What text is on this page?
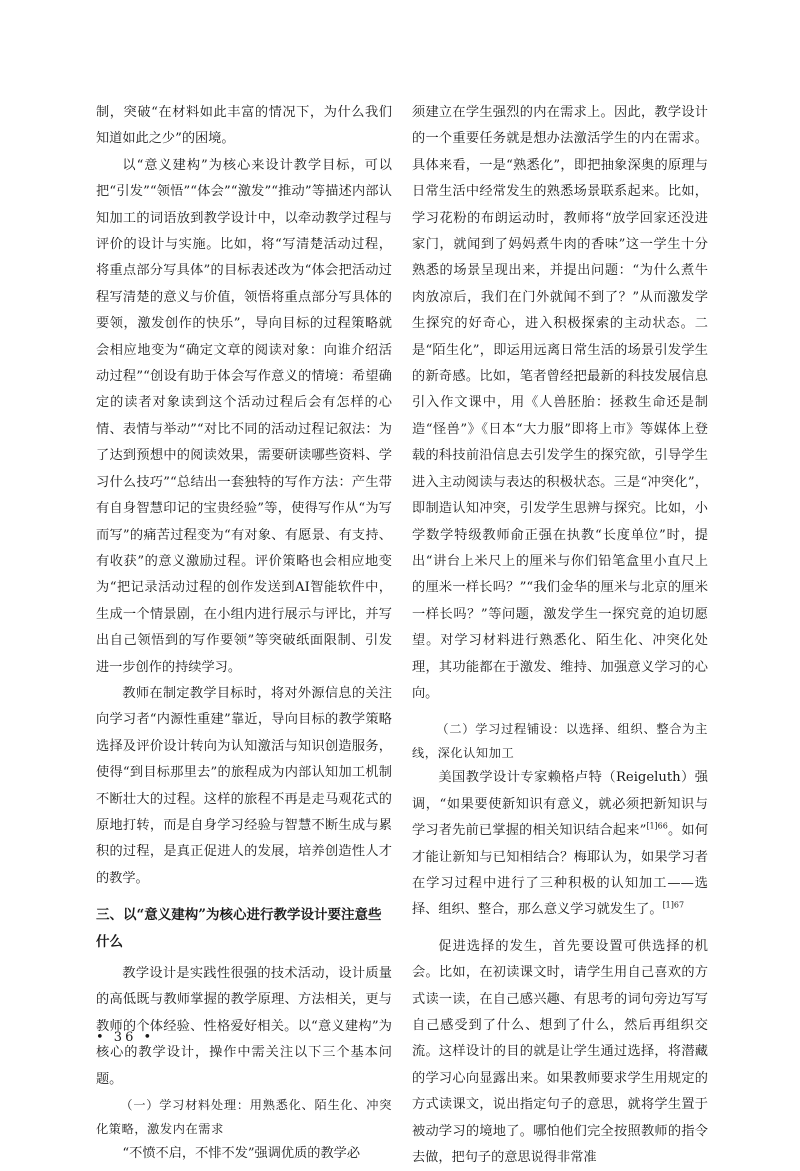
制，突破“在材料如此丰富的情况下，为什么我们知道如此之少”的困境。

以“意义建构”为核心来设计教学目标，可以把“引发”“领悟”“体会”“激发”“推动”等描述内部认知加工的词语放到教学设计中，以牵动教学过程与评价的设计与实施。比如，将“写清楚活动过程，将重点部分写具体”的目标表述改为“体会把活动过程写清楚的意义与价值，领悟将重点部分写具体的要领，激发创作的快乐”，导向目标的过程策略就会相应地变为“确定文章的阅读对象：向谁介绍活动过程”“创设有助于体会写作意义的情境：希望确定的读者对象读到这个活动过程后会有怎样的心情、表情与举动”“对比不同的活动过程记叙法：为了达到预想中的阅读效果，需要研读哪些资料、学习什么技巧”“总结出一套独特的写作方法：产生带有自身智慧印记的宝贵经验”等，使得写作从“为写而写”的痛苦过程变为“有对象、有愿景、有支持、有收获”的意义激励过程。评价策略也会相应地变为“把记录活动过程的创作发送到AI智能软件中，生成一个情景剧，在小组内进行展示与评比，并写出自己领悟到的写作要领”等突破纸面限制、引发进一步创作的持续学习。

教师在制定教学目标时，将对外源信息的关注向学习者“内源性重建”靠近，导向目标的教学策略选择及评价设计转向为认知激活与知识创造服务，使得“到目标那里去”的旅程成为内部认知加工机制不断壮大的过程。这样的旅程不再是走马观花式的原地打转，而是自身学习经验与智慧不断生成与累积的过程，是真正促进人的发展，培养创造性人才的教学。

三、以“意义建构”为核心进行教学设计要注意些什么

教学设计是实践性很强的技术活动，设计质量的高低既与教师掌握的教学原理、方法相关，更与教师的个体经验、性格爱好相关。以“意义建构”为核心的教学设计，操作中需关注以下三个基本问题。

（一）学习材料处理：用熟悉化、陌生化、冲突化策略，激发内在需求

“不愤不启，不悱不发”强调优质的教学必

须建立在学生强烈的内在需求上。因此，教学设计的一个重要任务就是想办法激活学生的内在需求。具体来看，一是“熟悉化”，即把抽象深奥的原理与日常生活中经常发生的熟悉场景联系起来。比如，学习花粉的布朗运动时，教师将“放学回家还没进家门，就闻到了妈妈煮牛肉的香味”这一学生十分熟悉的场景呈现出来，并提出问题：“为什么煮牛肉放凉后，我们在门外就闻不到了？”从而激发学生探究的好奇心，进入积极探索的主动状态。二是“陌生化”，即运用远离日常生活的场景引发学生的新奇感。比如，笔者曾经把最新的科技发展信息引入作文课中，用《人兽胚胎：拯救生命还是制造“怪兽”》《日本“大力服”即将上市》等媒体上登载的科技前沿信息去引发学生的探究欲，引导学生进入主动阅读与表达的积极状态。三是“冲突化”，即制造认知冲突，引发学生思辨与探究。比如，小学数学特级教师俞正强在执教“长度单位”时，提出“讲台上米尺上的厘米与你们铅笔盒里小直尺上的厘米一样长吗？”“我们金华的厘米与北京的厘米一样长吗？”等问题，激发学生一探究竟的迫切愿望。对学习材料进行熟悉化、陌生化、冲突化处理，其功能都在于激发、维持、加强意义学习的心向。

（二）学习过程铺设：以选择、组织、整合为主线，深化认知加工

美国教学设计专家赖格卢特（Reigeluth）强调，“如果要使新知识有意义，就必须把新知识与学习者先前已掌握的相关知识结合起来”$^{[1]66}$。如何才能让新知与已知相结合？梅耶认为，如果学习者在学习过程中进行了三种积极的认知加工——选择、组织、整合，那么意义学习就发生了。$^{[1]67}$

促进选择的发生，首先要设置可供选择的机会。比如，在初读课文时，请学生用自己喜欢的方式读一读，在自己感兴趣、有思考的词句旁边写写自己感受到了什么、想到了什么，然后再组织交流。这样设计的目的就是让学生通过选择，将潜藏的学习心向显露出来。如果教师要求学生用规定的方式读课文，说出指定句子的意思，就将学生置于被动学习的境地了。哪怕他们完全按照教师的指令去做，把句子的意思说得非常准

• 36 •
